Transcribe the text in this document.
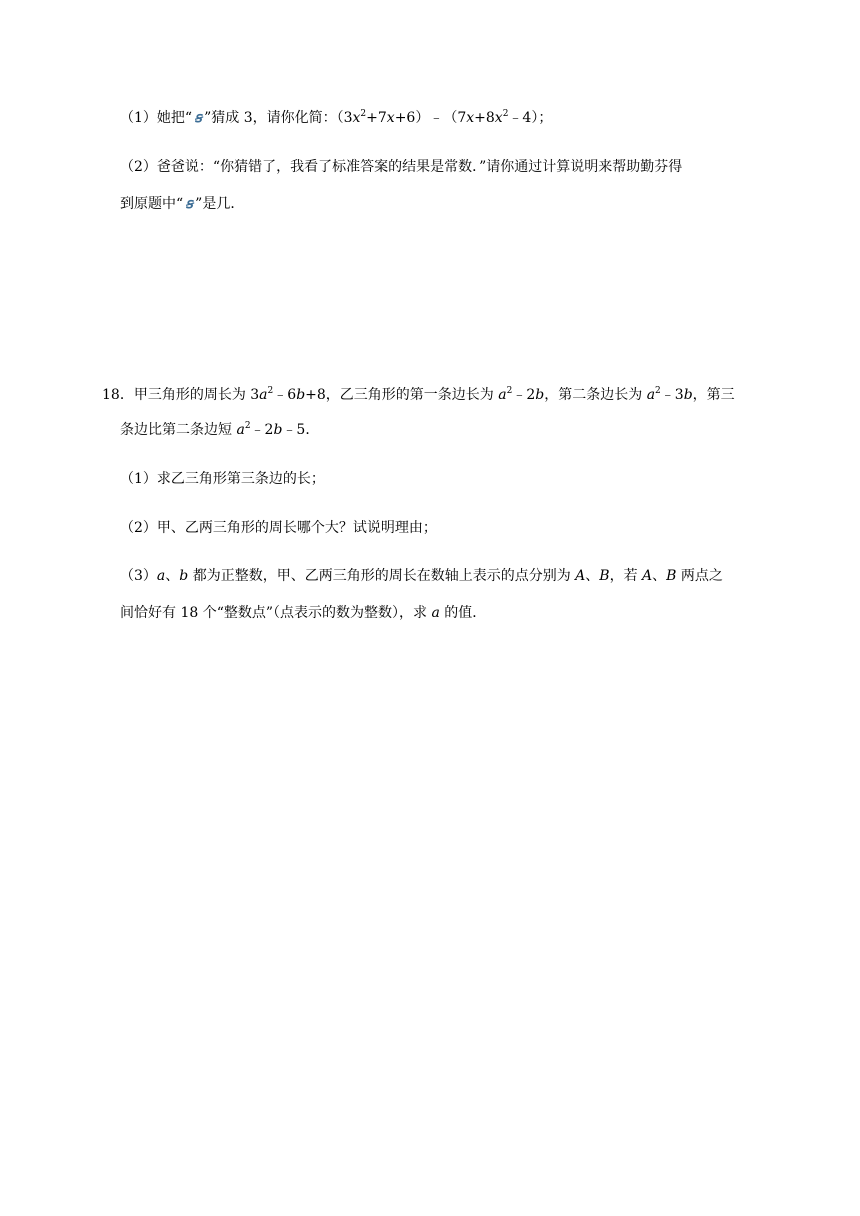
（1）她把“ ꞩ ”猜成 3，请你化简：$(3x^2+7x+6)﹣(7x+8x^2﹣4)$；
（2）爸爸说：“你猜错了，我看了标准答案的结果是常数．”请你通过计算说明来帮助勤芬得
到原题中“ ꞩ ”是几．
18．甲三角形的周长为 $3a^2﹣6b+8$，乙三角形的第一条边长为 $a^2﹣2b$，第二条边长为 $a^2﹣3b$，第三
条边比第二条边短 $a^2﹣2b﹣5$．
（1）求乙三角形第三条边的长；
（2）甲、乙两三角形的周长哪个大？试说明理由；
（3）a、b 都为正整数，甲、乙两三角形的周长在数轴上表示的点分别为 A、B，若 A、B 两点之
间恰好有 18 个“整数点”（点表示的数为整数），求 a 的值．
